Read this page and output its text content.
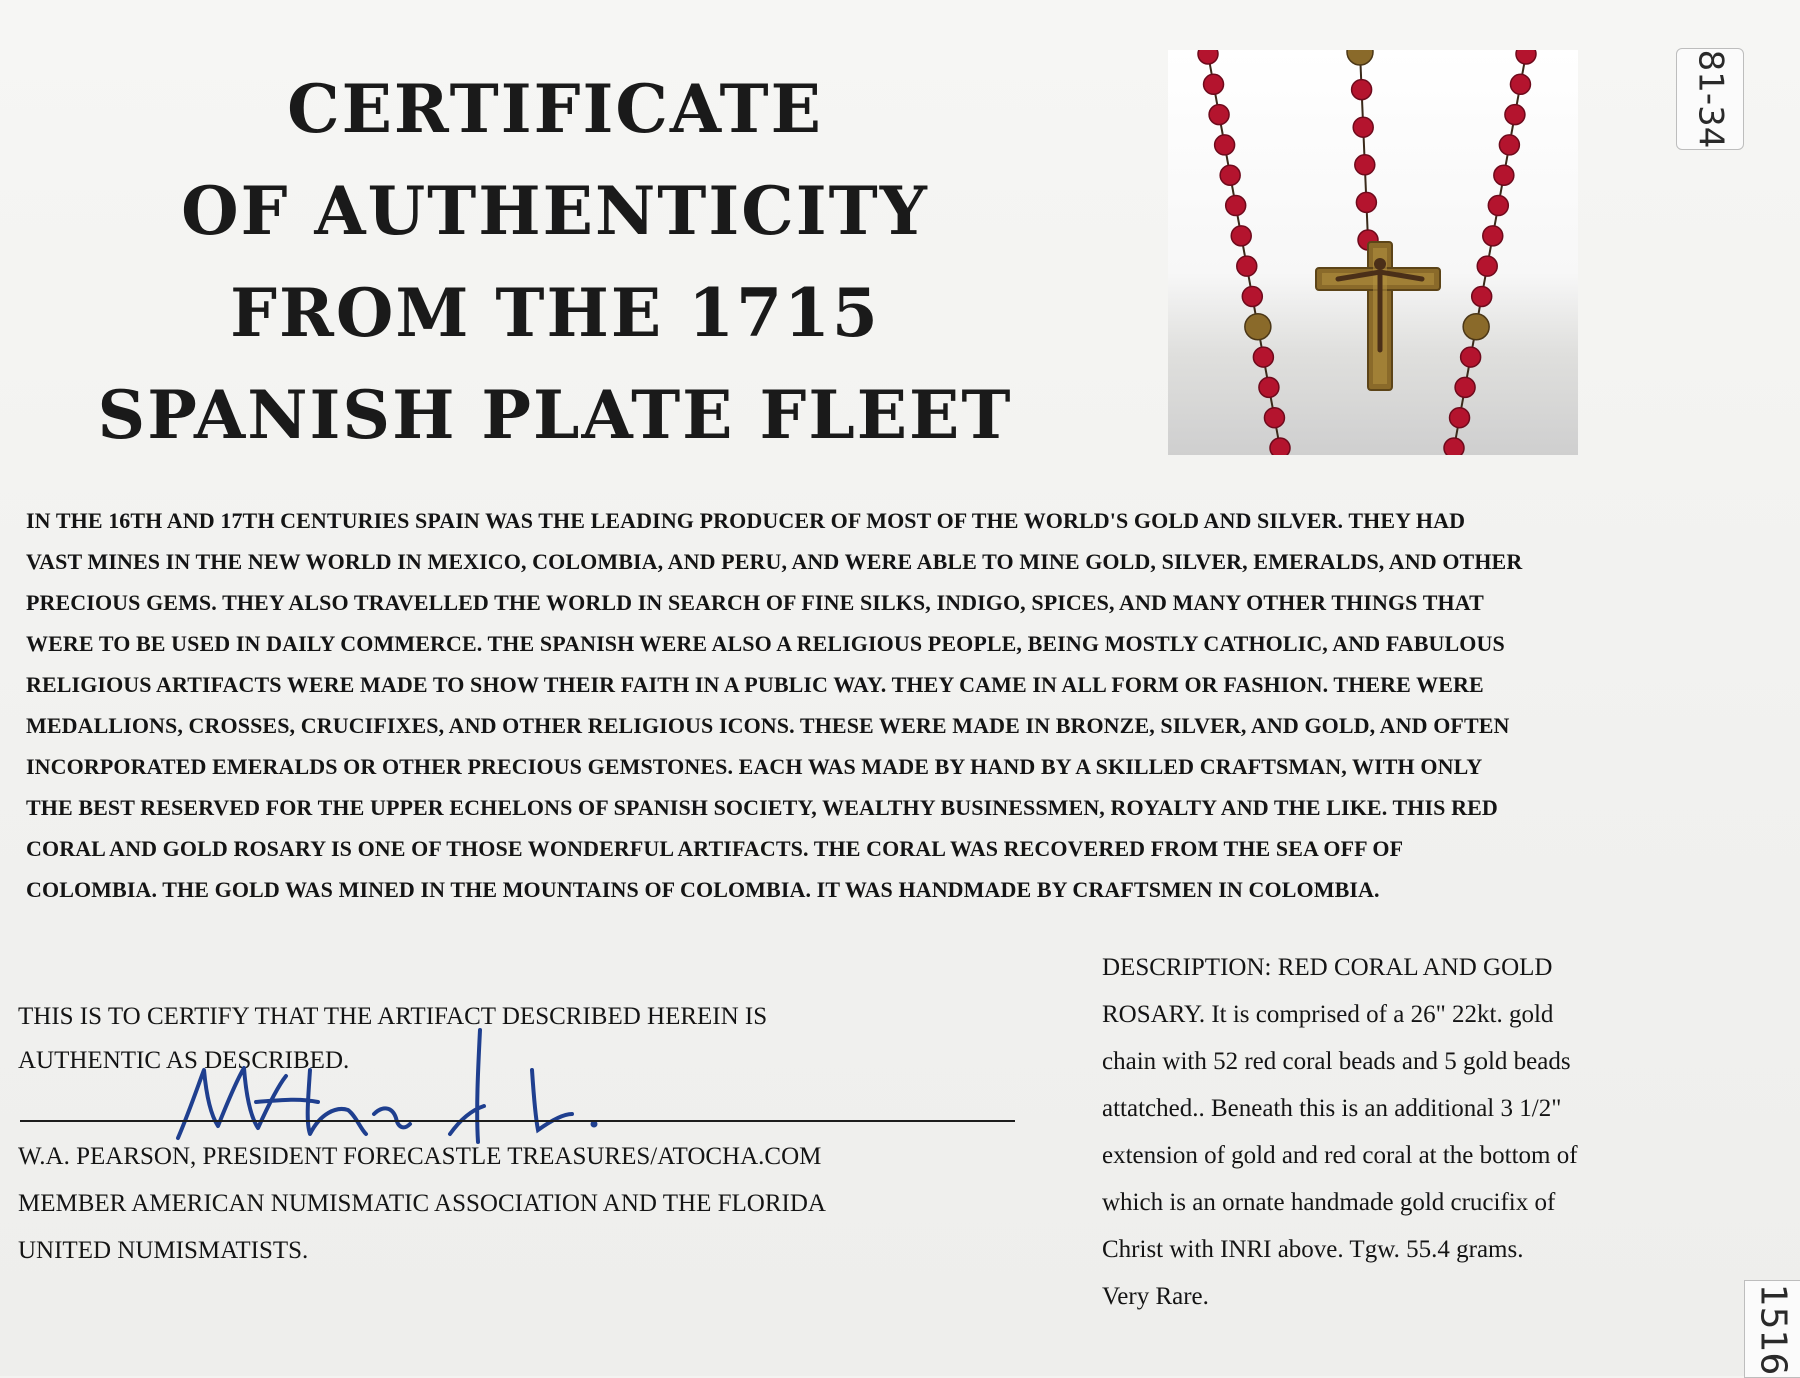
CERTIFICATE
OF AUTHENTICITY
FROM THE 1715
SPANISH PLATE FLEET
81-34
1516

IN THE 16TH AND 17TH CENTURIES SPAIN WAS THE LEADING PRODUCER OF MOST OF THE WORLD'S GOLD AND SILVER. THEY HAD
VAST MINES IN THE NEW WORLD IN MEXICO, COLOMBIA, AND PERU, AND WERE ABLE TO MINE GOLD, SILVER, EMERALDS, AND OTHER
PRECIOUS GEMS. THEY ALSO TRAVELLED THE WORLD IN SEARCH OF FINE SILKS, INDIGO, SPICES, AND MANY OTHER THINGS THAT
WERE TO BE USED IN DAILY COMMERCE. THE SPANISH WERE ALSO A RELIGIOUS PEOPLE, BEING MOSTLY CATHOLIC, AND FABULOUS
RELIGIOUS ARTIFACTS WERE MADE TO SHOW THEIR FAITH IN A PUBLIC WAY. THEY CAME IN ALL FORM OR FASHION. THERE WERE
MEDALLIONS, CROSSES, CRUCIFIXES, AND OTHER RELIGIOUS ICONS. THESE WERE MADE IN BRONZE, SILVER, AND GOLD, AND OFTEN
INCORPORATED EMERALDS OR OTHER PRECIOUS GEMSTONES. EACH WAS MADE BY HAND BY A SKILLED CRAFTSMAN, WITH ONLY
THE BEST RESERVED FOR THE UPPER ECHELONS OF SPANISH SOCIETY, WEALTHY BUSINESSMEN, ROYALTY AND THE LIKE. THIS RED
CORAL AND GOLD ROSARY IS ONE OF THOSE WONDERFUL ARTIFACTS. THE CORAL WAS RECOVERED FROM THE SEA OFF OF
COLOMBIA. THE GOLD WAS MINED IN THE MOUNTAINS OF COLOMBIA. IT WAS HANDMADE BY CRAFTSMEN IN COLOMBIA.

THIS IS TO CERTIFY THAT THE ARTIFACT DESCRIBED HEREIN IS
AUTHENTIC AS DESCRIBED.

W.A. PEARSON, PRESIDENT FORECASTLE TREASURES/ATOCHA.COM
MEMBER AMERICAN NUMISMATIC ASSOCIATION AND THE FLORIDA
UNITED NUMISMATISTS.

DESCRIPTION: RED CORAL AND GOLD
ROSARY. It is comprised of a 26" 22kt. gold
chain with 52 red coral beads and 5 gold beads
attatched.. Beneath this is an additional 3 1/2"
extension of gold and red coral at the bottom of
which is an ornate handmade gold crucifix of
Christ with INRI above. Tgw. 55.4 grams.
Very Rare.
